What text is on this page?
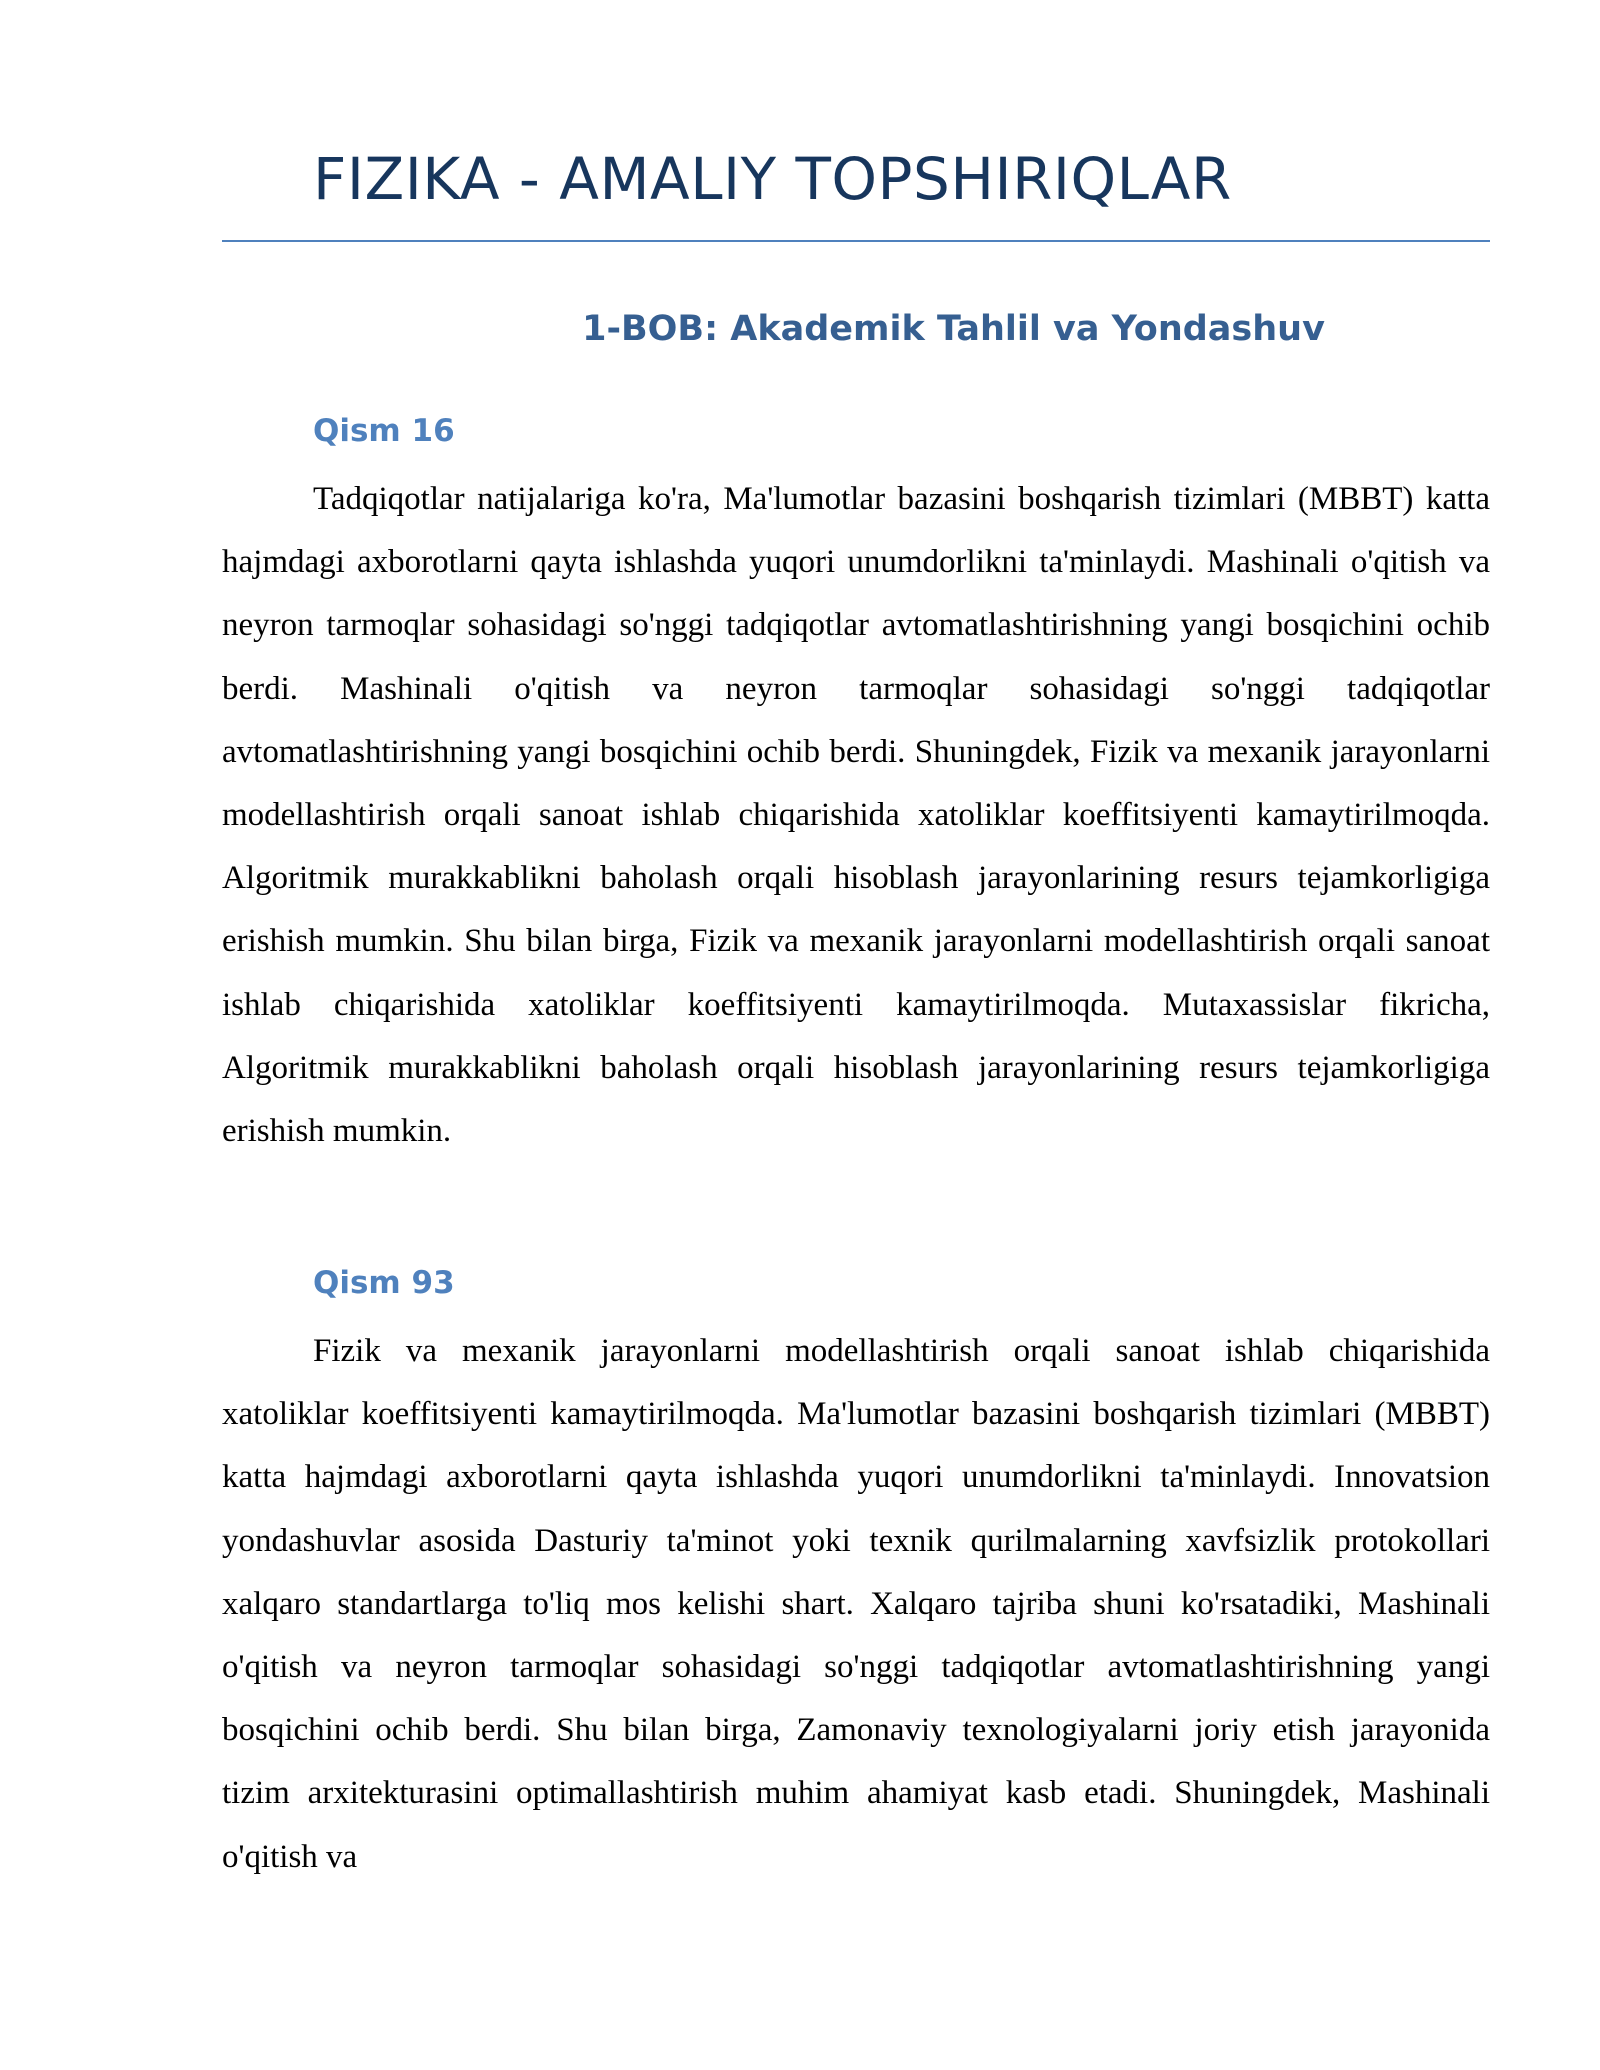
FIZIKA - AMALIY TOPSHIRIQLAR
1-BOB: Akademik Tahlil va Yondashuv
Qism 16

Tadqiqotlar natijalariga ko'ra, Ma'lumotlar bazasini boshqarish tizimlari (MBBT) katta hajmdagi axborotlarni qayta ishlashda yuqori unumdorlikni ta'minlaydi. Mashinali o'qitish va neyron tarmoqlar sohasidagi so'nggi tadqiqotlar avtomatlashtirishning yangi bosqichini ochib berdi. Mashinali o'qitish va neyron tarmoqlar sohasidagi so'nggi tadqiqotlar avtomatlashtirishning yangi bosqichini ochib berdi. Shuningdek, Fizik va mexanik jarayonlarni modellashtirish orqali sanoat ishlab chiqarishida xatoliklar koeffitsiyenti kamaytirilmoqda. Algoritmik murakkablikni baholash orqali hisoblash jarayonlarining resurs tejamkorligiga erishish mumkin. Shu bilan birga, Fizik va mexanik jarayonlarni modellashtirish orqali sanoat ishlab chiqarishida xatoliklar koeffitsiyenti kamaytirilmoqda. Mutaxassislar fikricha, Algoritmik murakkablikni baholash orqali hisoblash jarayonlarining resurs tejamkorligiga erishish mumkin.

Qism 93

Fizik va mexanik jarayonlarni modellashtirish orqali sanoat ishlab chiqarishida xatoliklar koeffitsiyenti kamaytirilmoqda. Ma'lumotlar bazasini boshqarish tizimlari (MBBT) katta hajmdagi axborotlarni qayta ishlashda yuqori unumdorlikni ta'minlaydi. Innovatsion yondashuvlar asosida Dasturiy ta'minot yoki texnik qurilmalarning xavfsizlik protokollari xalqaro standartlarga to'liq mos kelishi shart. Xalqaro tajriba shuni ko'rsatadiki, Mashinali o'qitish va neyron tarmoqlar sohasidagi so'nggi tadqiqotlar avtomatlashtirishning yangi bosqichini ochib berdi. Shu bilan birga, Zamonaviy texnologiyalarni joriy etish jarayonida tizim arxitekturasini optimallashtirish muhim ahamiyat kasb etadi. Shuningdek, Mashinali o'qitish va
